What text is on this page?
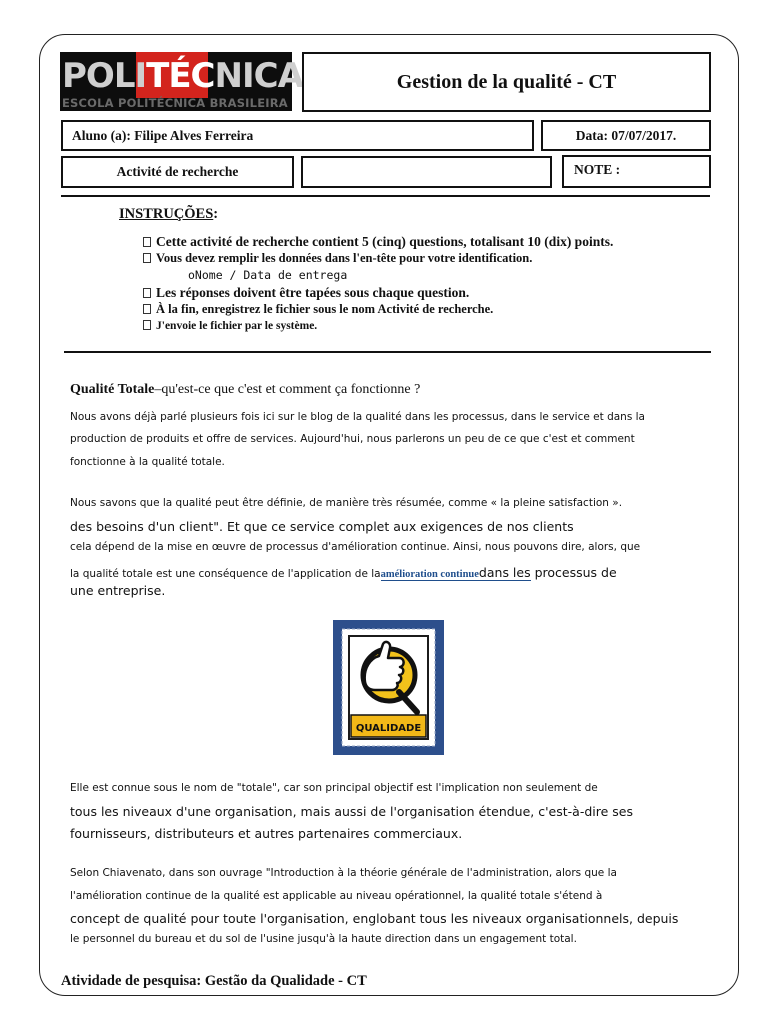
POLITÉCNICA
ESCOLA POLITÉCNICA BRASILEIRA
Gestion de la qualité - CT
Aluno (a): Filipe Alves Ferreira	Data: 07/07/2017.
Activité de recherche	NOTE :
INSTRUÇÕES:
Cette activité de recherche contient 5 (cinq) questions, totalisant 10 (dix) points.
Vous devez remplir les données dans l'en-tête pour votre identification.
oNome / Data de entrega
Les réponses doivent être tapées sous chaque question.
À la fin, enregistrez le fichier sous le nom Activité de recherche.
J'envoie le fichier par le système.
Qualité Totale–qu'est-ce que c'est et comment ça fonctionne ?
Nous avons déjà parlé plusieurs fois ici sur le blog de la qualité dans les processus, dans le service et dans la
production de produits et offre de services. Aujourd'hui, nous parlerons un peu de ce que c'est et comment
fonctionne à la qualité totale.
Nous savons que la qualité peut être définie, de manière très résumée, comme « la pleine satisfaction ».
des besoins d'un client". Et que ce service complet aux exigences de nos clients
cela dépend de la mise en œuvre de processus d'amélioration continue. Ainsi, nous pouvons dire, alors, que
la qualité totale est une conséquence de l'application de laamélioration continuedans les processus de
une entreprise.
QUALIDADE
Elle est connue sous le nom de "totale", car son principal objectif est l'implication non seulement de
tous les niveaux d'une organisation, mais aussi de l'organisation étendue, c'est-à-dire ses
fournisseurs, distributeurs et autres partenaires commerciaux.
Selon Chiavenato, dans son ouvrage "Introduction à la théorie générale de l'administration, alors que la
l'amélioration continue de la qualité est applicable au niveau opérationnel, la qualité totale s'étend à
concept de qualité pour toute l'organisation, englobant tous les niveaux organisationnels, depuis
le personnel du bureau et du sol de l'usine jusqu'à la haute direction dans un engagement total.
Atividade de pesquisa: Gestão da Qualidade - CT
